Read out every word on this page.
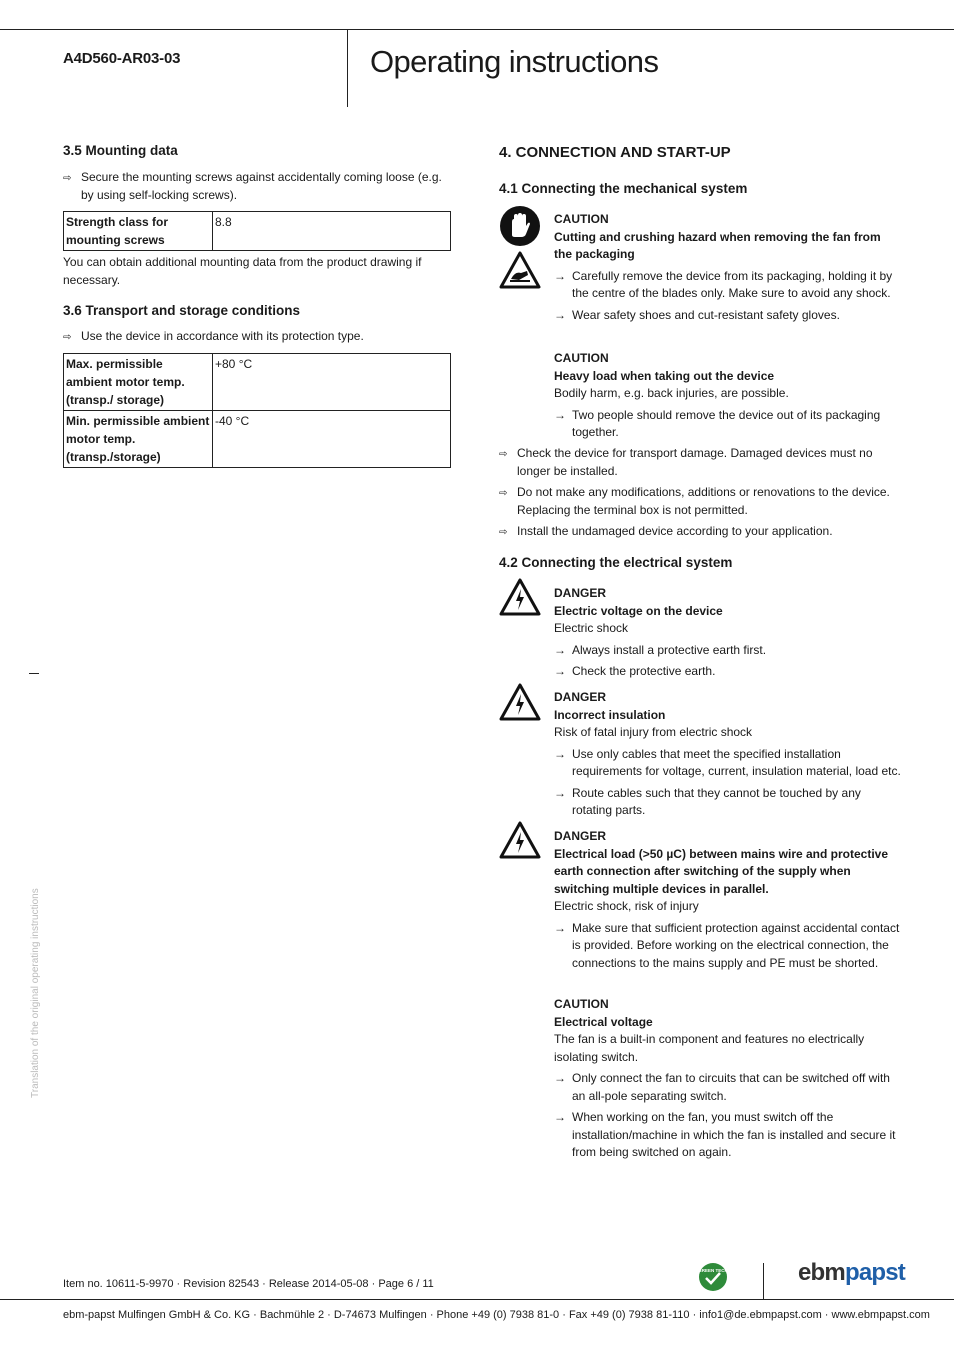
A4D560-AR03-03	Operating instructions
3.5 Mounting data
⇨ Secure the mounting screws against accidentally coming loose (e.g. by using self-locking screws).
Strength class for mounting screws	8.8
You can obtain additional mounting data from the product drawing if necessary.
3.6 Transport and storage conditions
⇨ Use the device in accordance with its protection type.
Max. permissible ambient motor temp. (transp./ storage)	+80 °C
Min. permissible ambient motor temp. (transp./storage)	-40 °C
Translation of the original operating instructions
4. CONNECTION AND START-UP
4.1 Connecting the mechanical system
CAUTION
Cutting and crushing hazard when removing the fan from the packaging
→ Carefully remove the device from its packaging, holding it by the centre of the blades only. Make sure to avoid any shock.
→ Wear safety shoes and cut-resistant safety gloves.
CAUTION
Heavy load when taking out the device
Bodily harm, e.g. back injuries, are possible.
→ Two people should remove the device out of its packaging together.
⇨ Check the device for transport damage. Damaged devices must no longer be installed.
⇨ Do not make any modifications, additions or renovations to the device. Replacing the terminal box is not permitted.
⇨ Install the undamaged device according to your application.
4.2 Connecting the electrical system
DANGER
Electric voltage on the device
Electric shock
→ Always install a protective earth first.
→ Check the protective earth.
DANGER
Incorrect insulation
Risk of fatal injury from electric shock
→ Use only cables that meet the specified installation requirements for voltage, current, insulation material, load etc.
→ Route cables such that they cannot be touched by any rotating parts.
DANGER
Electrical load (>50 µC) between mains wire and protective earth connection after switching of the supply when switching multiple devices in parallel.
Electric shock, risk of injury
→ Make sure that sufficient protection against accidental contact is provided. Before working on the electrical connection, the connections to the mains supply and PE must be shorted.
CAUTION
Electrical voltage
The fan is a built-in component and features no electrically isolating switch.
→ Only connect the fan to circuits that can be switched off with an all-pole separating switch.
→ When working on the fan, you must switch off the installation/machine in which the fan is installed and secure it from being switched on again.
Item no. 10611-5-9970 · Revision 82543 · Release 2014-05-08 · Page 6 / 11
GREEN TECH	ebmpapst
ebm-papst Mulfingen GmbH & Co. KG · Bachmühle 2 · D-74673 Mulfingen · Phone +49 (0) 7938 81-0 · Fax +49 (0) 7938 81-110 · info1@de.ebmpapst.com · www.ebmpapst.com
